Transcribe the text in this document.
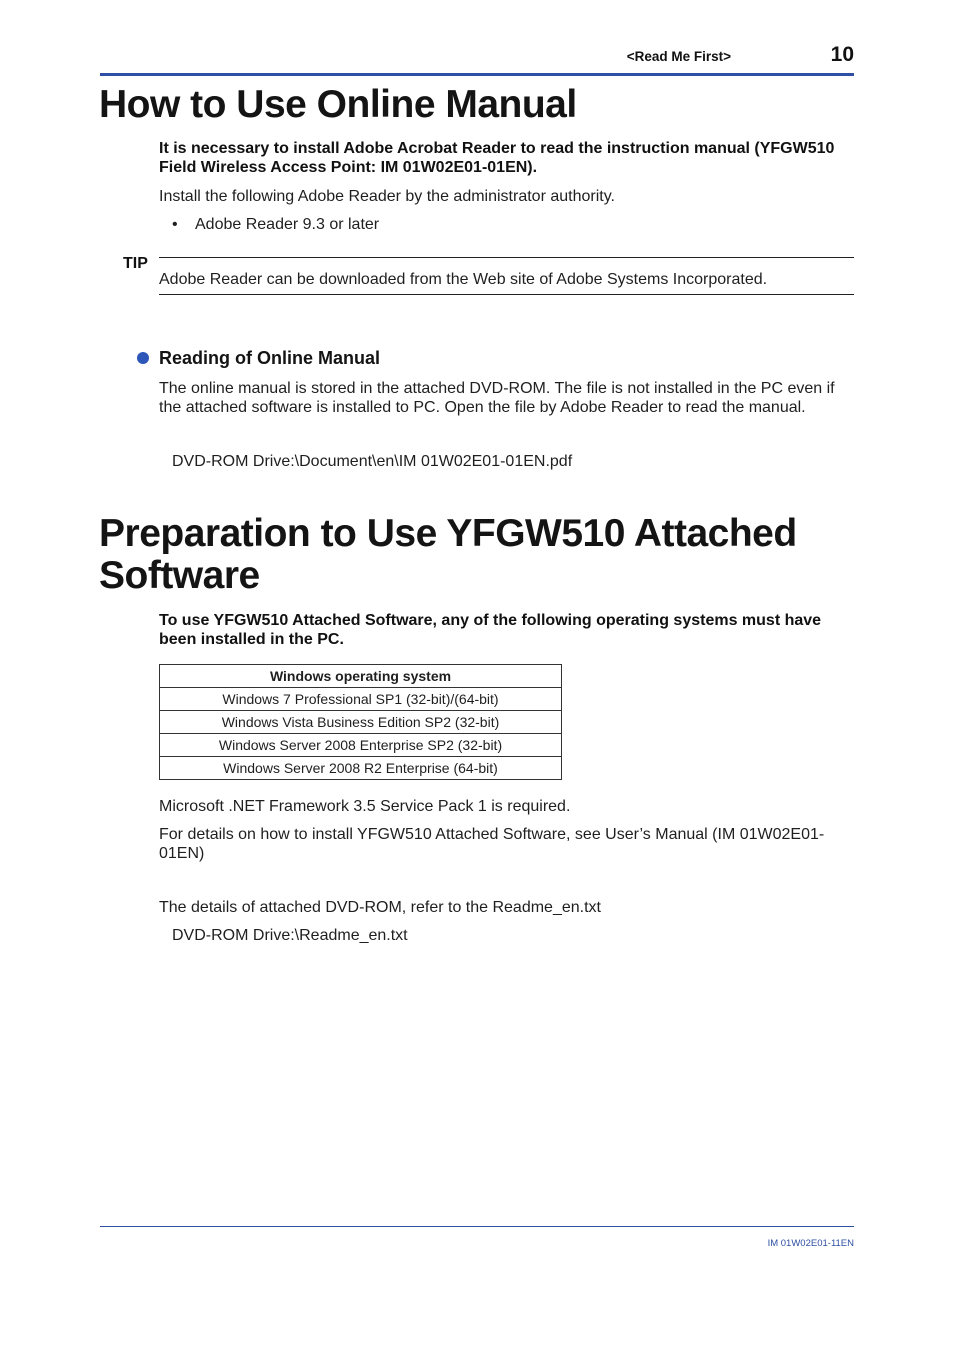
<Read Me First>	10
How to Use Online Manual
It is necessary to install Adobe Acrobat Reader to read the instruction manual (YFGW510 Field Wireless Access Point: IM 01W02E01-01EN).
Install the following Adobe Reader by the administrator authority.
• Adobe Reader 9.3 or later
TIP
Adobe Reader can be downloaded from the Web site of Adobe Systems Incorporated.
Reading of Online Manual
The online manual is stored in the attached DVD-ROM. The file is not installed in the PC even if the attached software is installed to PC. Open the file by Adobe Reader to read the manual.
DVD-ROM Drive:\Document\en\IM 01W02E01-01EN.pdf
Preparation to Use YFGW510 Attached Software
To use YFGW510 Attached Software, any of the following operating systems must have been installed in the PC.
Windows operating system
Windows 7 Professional SP1 (32-bit)/(64-bit)
Windows Vista Business Edition SP2 (32-bit)
Windows Server 2008 Enterprise SP2 (32-bit)
Windows Server 2008 R2 Enterprise (64-bit)
Microsoft .NET Framework 3.5 Service Pack 1 is required.
For details on how to install YFGW510 Attached Software, see User’s Manual (IM 01W02E01-01EN)
The details of attached DVD-ROM, refer to the Readme_en.txt
DVD-ROM Drive:\Readme_en.txt
IM 01W02E01-11EN
